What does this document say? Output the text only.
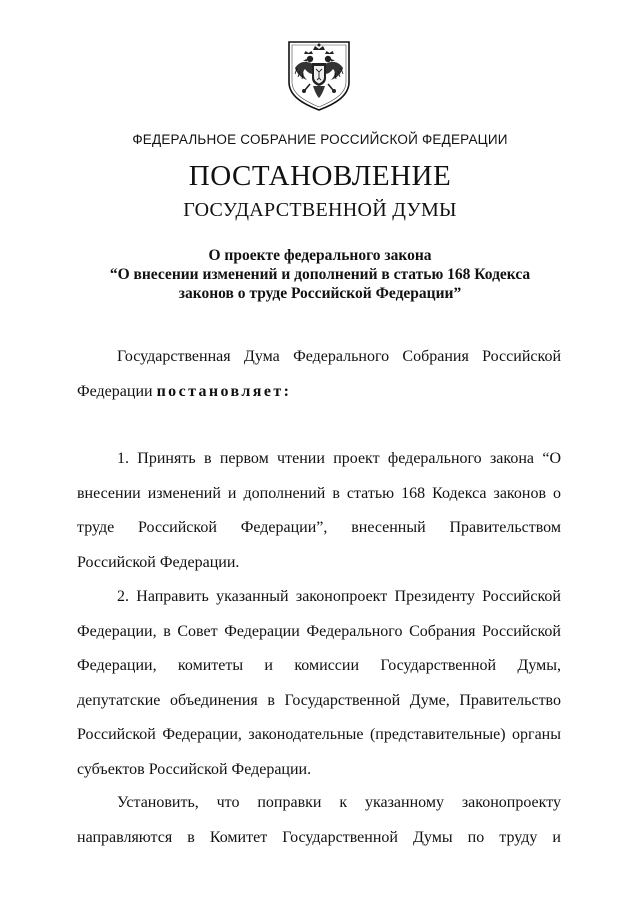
ФЕДЕРАЛЬНОЕ СОБРАНИЕ РОССИЙСКОЙ ФЕДЕРАЦИИ
ПОСТАНОВЛЕНИЕ
ГОСУДАРСТВЕННОЙ ДУМЫ
О проекте федерального закона
“О внесении изменений и дополнений в статью 168 Кодекса
законов о труде Российской Федерации”

Государственная Дума Федерального Собрания Российской Федерации постановляет:

1. Принять в первом чтении проект федерального закона “О внесении изменений и дополнений в статью 168 Кодекса законов о труде Российской Федерации”, внесенный Правительством Российской Федерации.

2. Направить указанный законопроект Президенту Российской Федерации, в Совет Федерации Федерального Собрания Российской Федерации, комитеты и комиссии Государственной Думы, депутатские объединения в Государственной Думе, Правительство Российской Федерации, законодательные (представительные) органы субъектов Российской Федерации.

Установить, что поправки к указанному законопроекту направляются в Комитет Государственной Думы по труду и
